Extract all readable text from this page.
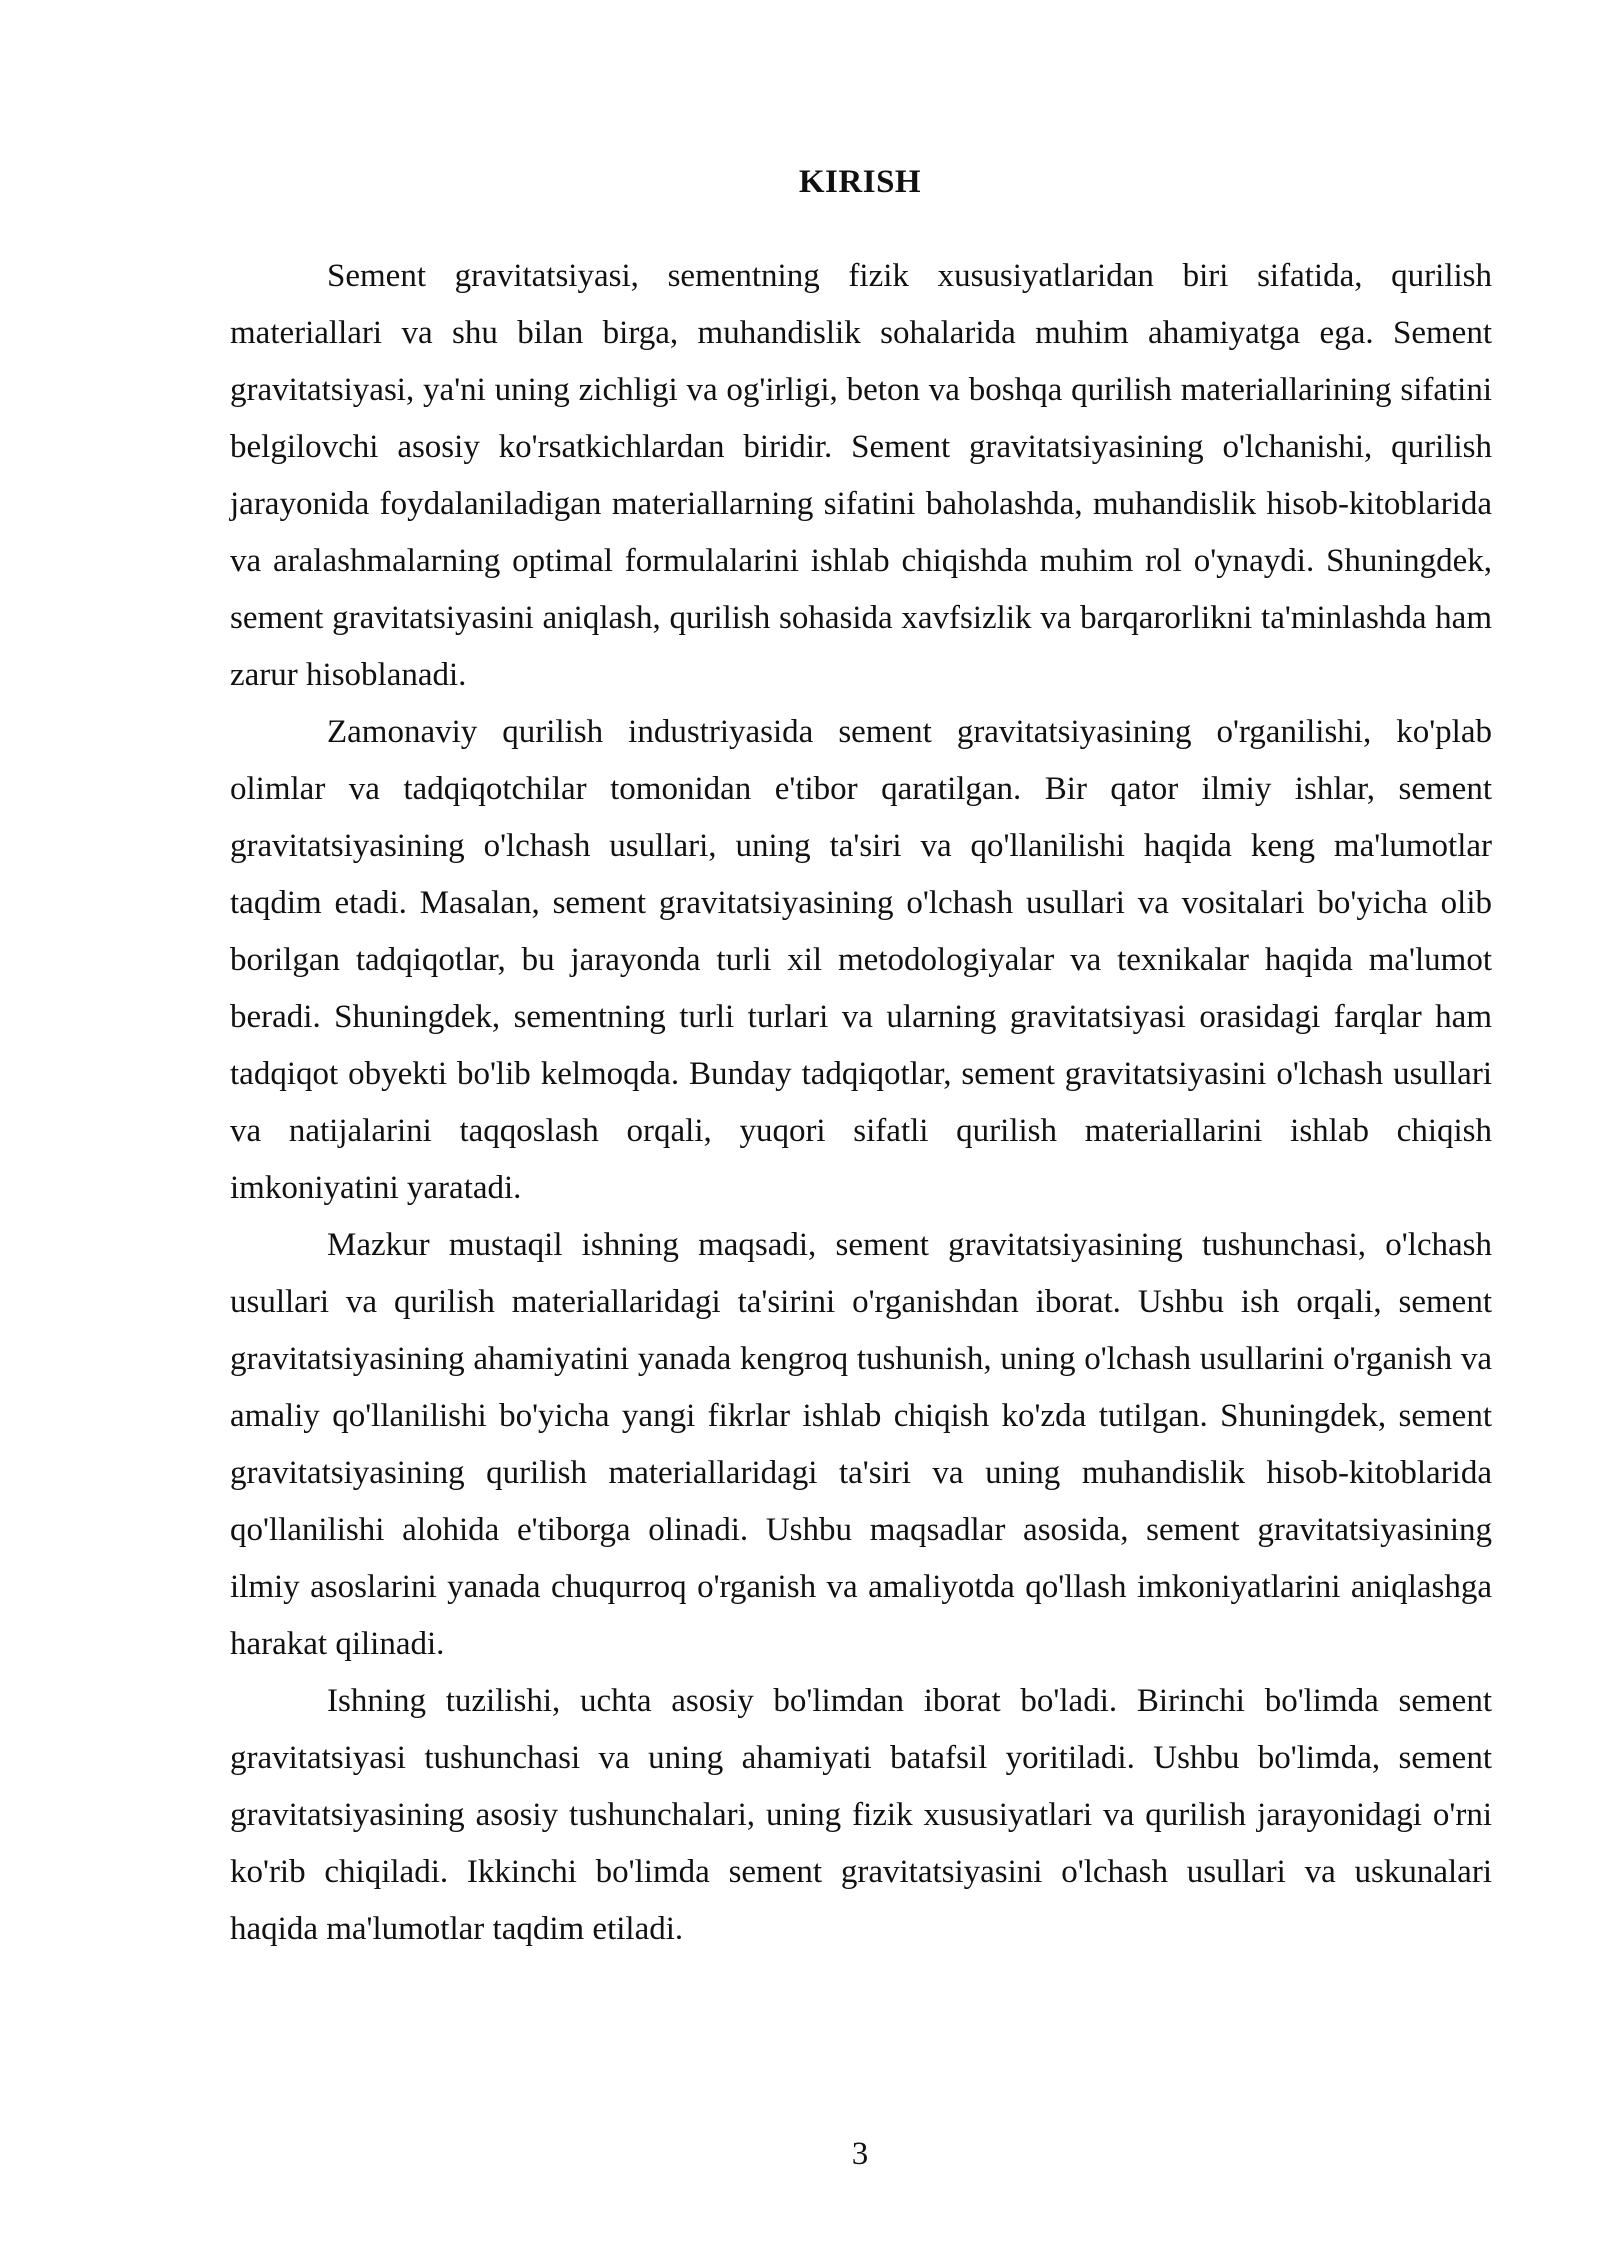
KIRISH

Sement gravitatsiyasi, sementning fizik xususiyatlaridan biri sifatida, qurilish materiallari va shu bilan birga, muhandislik sohalarida muhim ahamiyatga ega. Sement gravitatsiyasi, ya'ni uning zichligi va og'irligi, beton va boshqa qurilish materiallarining sifatini belgilovchi asosiy ko'rsatkichlardan biridir. Sement gravitatsiyasining o'lchanishi, qurilish jarayonida foydalaniladigan materiallarning sifatini baholashda, muhandislik hisob-kitoblarida va aralashmalarning optimal formulalarini ishlab chiqishda muhim rol o'ynaydi. Shuningdek, sement gravitatsiyasini aniqlash, qurilish sohasida xavfsizlik va barqarorlikni ta'minlashda ham zarur hisoblanadi.

Zamonaviy qurilish industriyasida sement gravitatsiyasining o'rganilishi, ko'plab olimlar va tadqiqotchilar tomonidan e'tibor qaratilgan. Bir qator ilmiy ishlar, sement gravitatsiyasining o'lchash usullari, uning ta'siri va qo'llanilishi haqida keng ma'lumotlar taqdim etadi. Masalan, sement gravitatsiyasining o'lchash usullari va vositalari bo'yicha olib borilgan tadqiqotlar, bu jarayonda turli xil metodologiyalar va texnikalar haqida ma'lumot beradi. Shuningdek, sementning turli turlari va ularning gravitatsiyasi orasidagi farqlar ham tadqiqot obyekti bo'lib kelmoqda. Bunday tadqiqotlar, sement gravitatsiyasini o'lchash usullari va natijalarini taqqoslash orqali, yuqori sifatli qurilish materiallarini ishlab chiqish imkoniyatini yaratadi.

Mazkur mustaqil ishning maqsadi, sement gravitatsiyasining tushunchasi, o'lchash usullari va qurilish materiallaridagi ta'sirini o'rganishdan iborat. Ushbu ish orqali, sement gravitatsiyasining ahamiyatini yanada kengroq tushunish, uning o'lchash usullarini o'rganish va amaliy qo'llanilishi bo'yicha yangi fikrlar ishlab chiqish ko'zda tutilgan. Shuningdek, sement gravitatsiyasining qurilish materiallaridagi ta'siri va uning muhandislik hisob-kitoblarida qo'llanilishi alohida e'tiborga olinadi. Ushbu maqsadlar asosida, sement gravitatsiyasining ilmiy asoslarini yanada chuqurroq o'rganish va amaliyotda qo'llash imkoniyatlarini aniqlashga harakat qilinadi.

Ishning tuzilishi, uchta asosiy bo'limdan iborat bo'ladi. Birinchi bo'limda sement gravitatsiyasi tushunchasi va uning ahamiyati batafsil yoritiladi. Ushbu bo'limda, sement gravitatsiyasining asosiy tushunchalari, uning fizik xususiyatlari va qurilish jarayonidagi o'rni ko'rib chiqiladi. Ikkinchi bo'limda sement gravitatsiyasini o'lchash usullari va uskunalari haqida ma'lumotlar taqdim etiladi.

3
